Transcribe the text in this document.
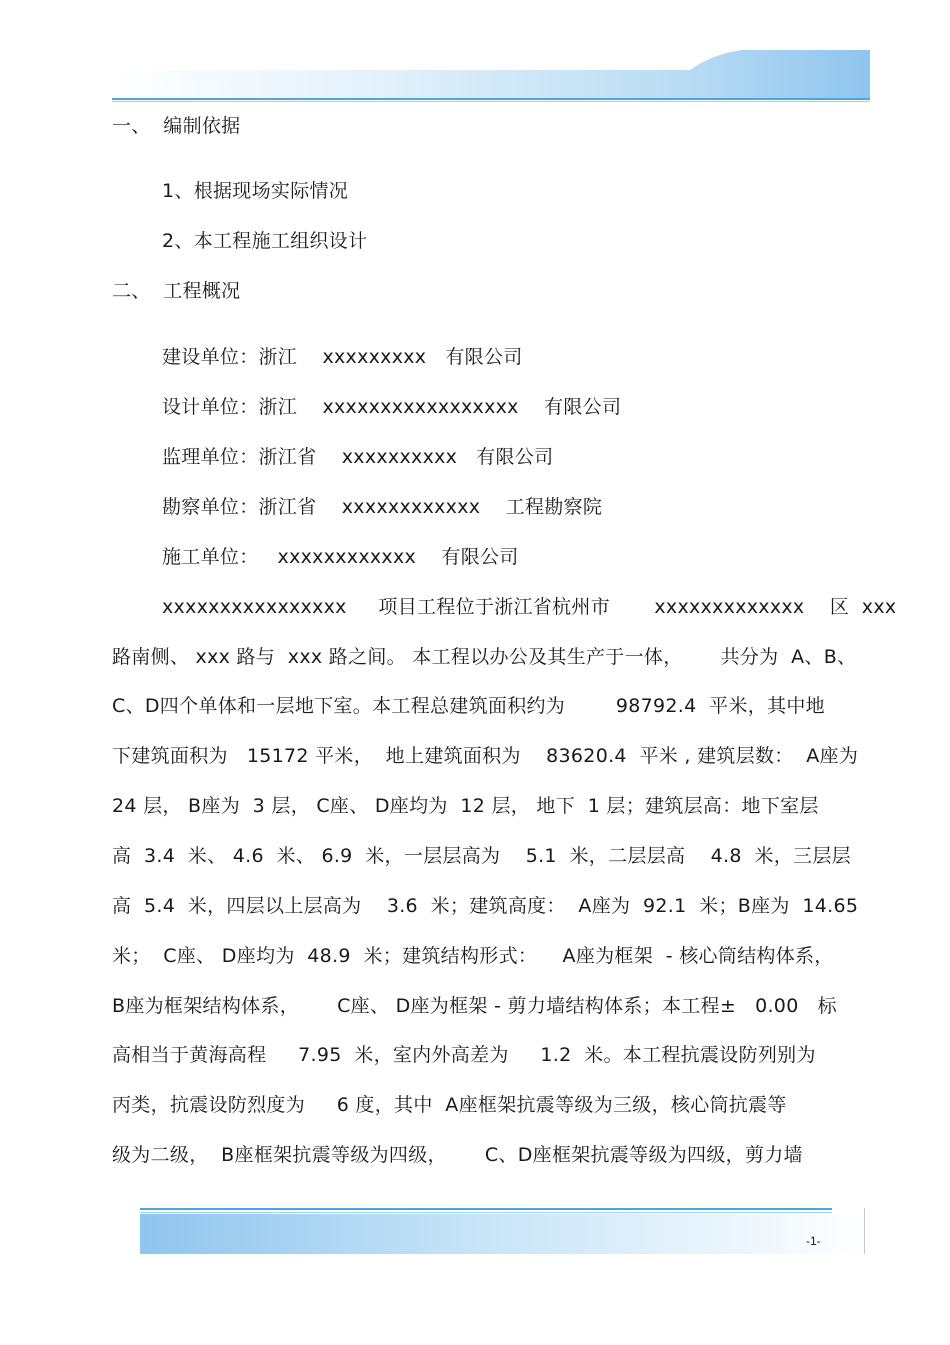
一、  编制依据
1、根据现场实际情况
2、本工程施工组织设计
二、  工程概况
建设单位：浙江    xxxxxxxxx   有限公司
设计单位：浙江    xxxxxxxxxxxxxxxxx    有限公司
监理单位：浙江省    xxxxxxxxxx   有限公司
勘察单位：浙江省    xxxxxxxxxxxx    工程勘察院
施工单位：   xxxxxxxxxxxx    有限公司
xxxxxxxxxxxxxxxx     项目工程位于浙江省杭州市       xxxxxxxxxxxxx    区  xxx
路南侧、 xxx 路与  xxx 路之间。 本工程以办公及其生产于一体，      共分为  A、B、
C、D四个单体和一层地下室。本工程总建筑面积约为        98792.4  平米，其中地
下建筑面积为   15172 平米，  地上建筑面积为    83620.4  平米 , 建筑层数：  A座为
24 层， B座为  3 层， C座、 D座均为  12 层， 地下  1 层；建筑层高：地下室层
高  3.4  米、 4.6  米、 6.9  米，一层层高为    5.1  米，二层层高    4.8  米，三层层
高  5.4  米，四层以上层高为    3.6  米；建筑高度：  A座为  92.1  米；B座为  14.65
米；  C座、 D座均为  48.9  米；建筑结构形式：    A座为框架  - 核心筒结构体系，
B座为框架结构体系，      C座、 D座为框架 - 剪力墙结构体系；本工程±   0.00   标
高相当于黄海高程     7.95  米，室内外高差为     1.2  米。本工程抗震设防列别为
丙类，抗震设防烈度为     6 度，其中  A座框架抗震等级为三级，核心筒抗震等
级为二级，  B座框架抗震等级为四级，      C、D座框架抗震等级为四级，剪力墙
-1-
